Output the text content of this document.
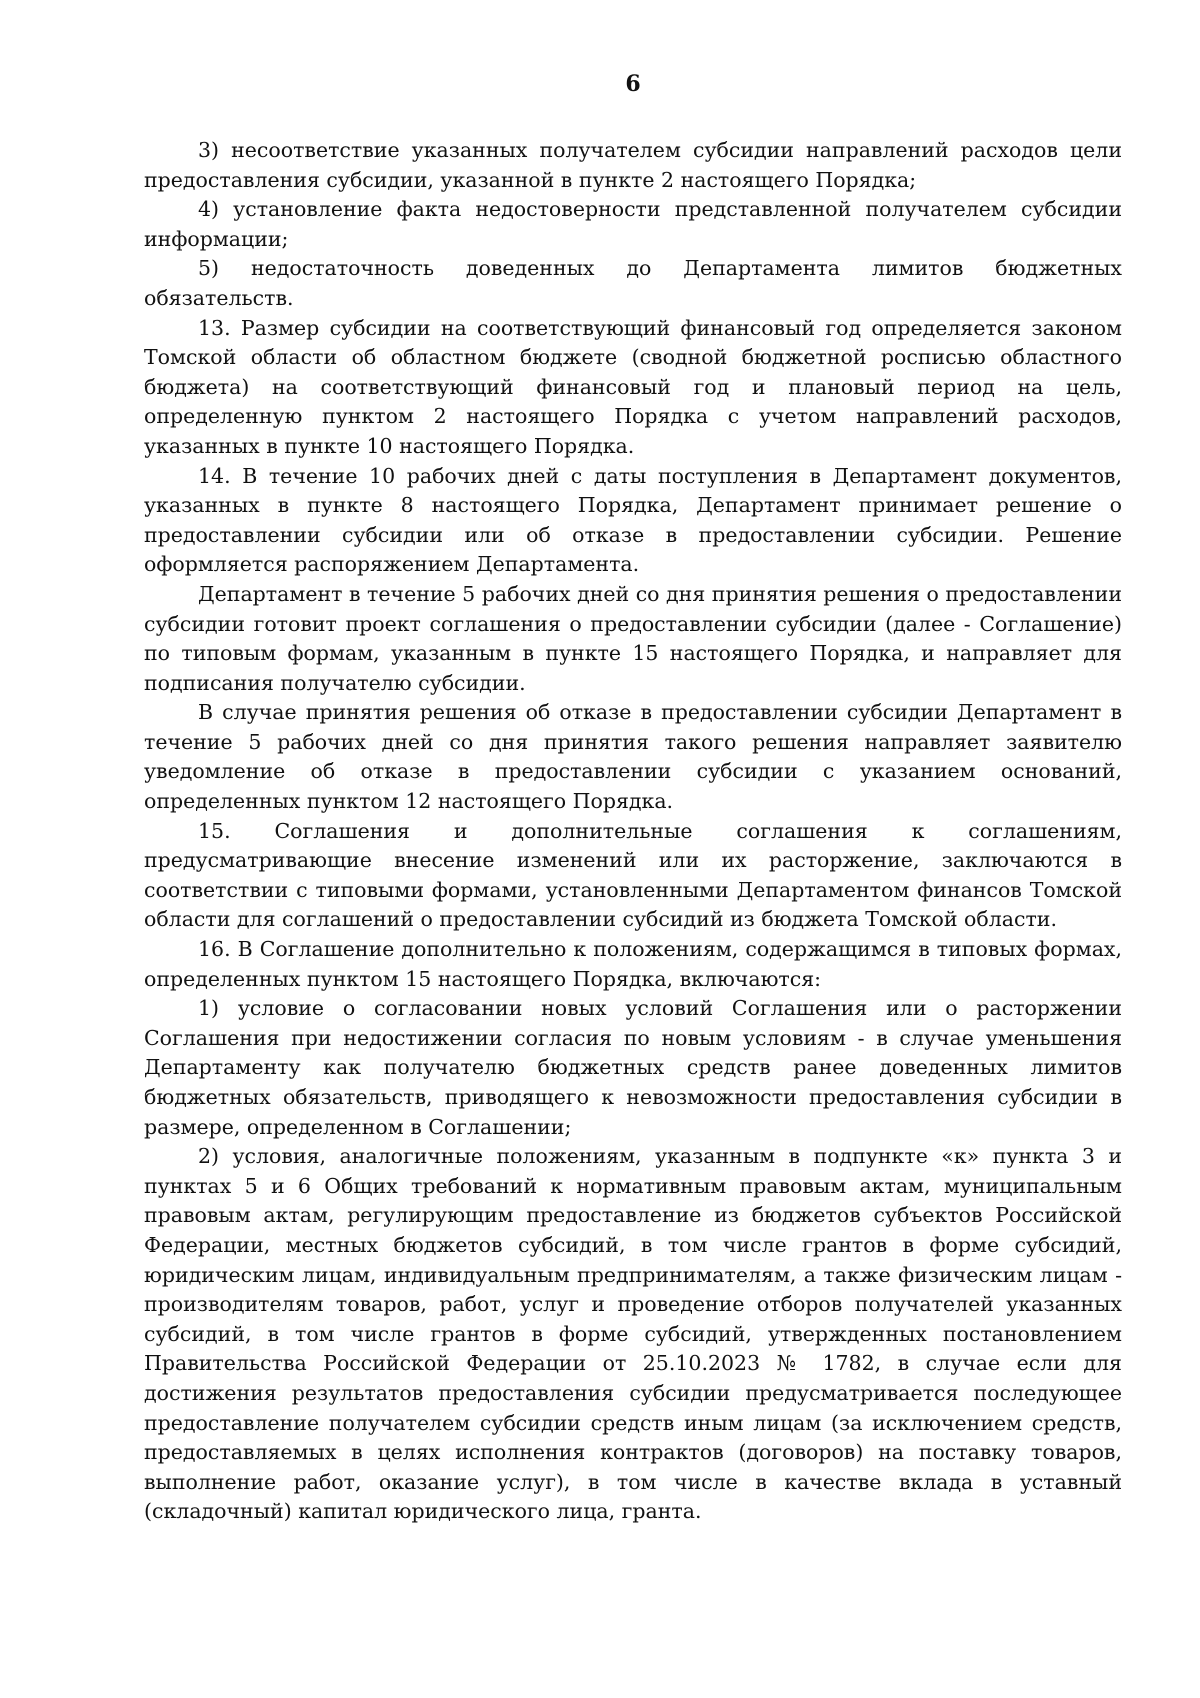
6

3) несоответствие указанных получателем субсидии направлений расходов цели предоставления субсидии, указанной в пункте 2 настоящего Порядка;

4) установление факта недостоверности представленной получателем субсидии информации;

5) недостаточность доведенных до Департамента лимитов бюджетных обязательств.

13. Размер субсидии на соответствующий финансовый год определяется законом Томской области об областном бюджете (сводной бюджетной росписью областного бюджета) на соответствующий финансовый год и плановый период на цель, определенную пунктом 2 настоящего Порядка с учетом направлений расходов, указанных в пункте 10 настоящего Порядка.

14. В течение 10 рабочих дней с даты поступления в Департамент документов, указанных в пункте 8 настоящего Порядка, Департамент принимает решение о предоставлении субсидии или об отказе в предоставлении субсидии. Решение оформляется распоряжением Департамента.

Департамент в течение 5 рабочих дней со дня принятия решения о предоставлении субсидии готовит проект соглашения о предоставлении субсидии (далее - Соглашение) по типовым формам, указанным в пункте 15 настоящего Порядка, и направляет для подписания получателю субсидии.

В случае принятия решения об отказе в предоставлении субсидии Департамент в течение 5 рабочих дней со дня принятия такого решения направляет заявителю уведомление об отказе в предоставлении субсидии с указанием оснований, определенных пунктом 12 настоящего Порядка.

15. Соглашения и дополнительные соглашения к соглашениям, предусматривающие внесение изменений или их расторжение, заключаются в соответствии с типовыми формами, установленными Департаментом финансов Томской области для соглашений о предоставлении субсидий из бюджета Томской области.

16. В Соглашение дополнительно к положениям, содержащимся в типовых формах, определенных пунктом 15 настоящего Порядка, включаются:

1) условие о согласовании новых условий Соглашения или о расторжении Соглашения при недостижении согласия по новым условиям - в случае уменьшения Департаменту как получателю бюджетных средств ранее доведенных лимитов бюджетных обязательств, приводящего к невозможности предоставления субсидии в размере, определенном в Соглашении;

2) условия, аналогичные положениям, указанным в подпункте «к» пункта 3 и пунктах 5 и 6 Общих требований к нормативным правовым актам, муниципальным правовым актам, регулирующим предоставление из бюджетов субъектов Российской Федерации, местных бюджетов субсидий, в том числе грантов в форме субсидий, юридическим лицам, индивидуальным предпринимателям, а также физическим лицам - производителям товаров, работ, услуг и проведение отборов получателей указанных субсидий, в том числе грантов в форме субсидий, утвержденных постановлением Правительства Российской Федерации от 25.10.2023 № 1782, в случае если для достижения результатов предоставления субсидии предусматривается последующее предоставление получателем субсидии средств иным лицам (за исключением средств, предоставляемых в целях исполнения контрактов (договоров) на поставку товаров, выполнение работ, оказание услуг), в том числе в качестве вклада в уставный (складочный) капитал юридического лица, гранта.
